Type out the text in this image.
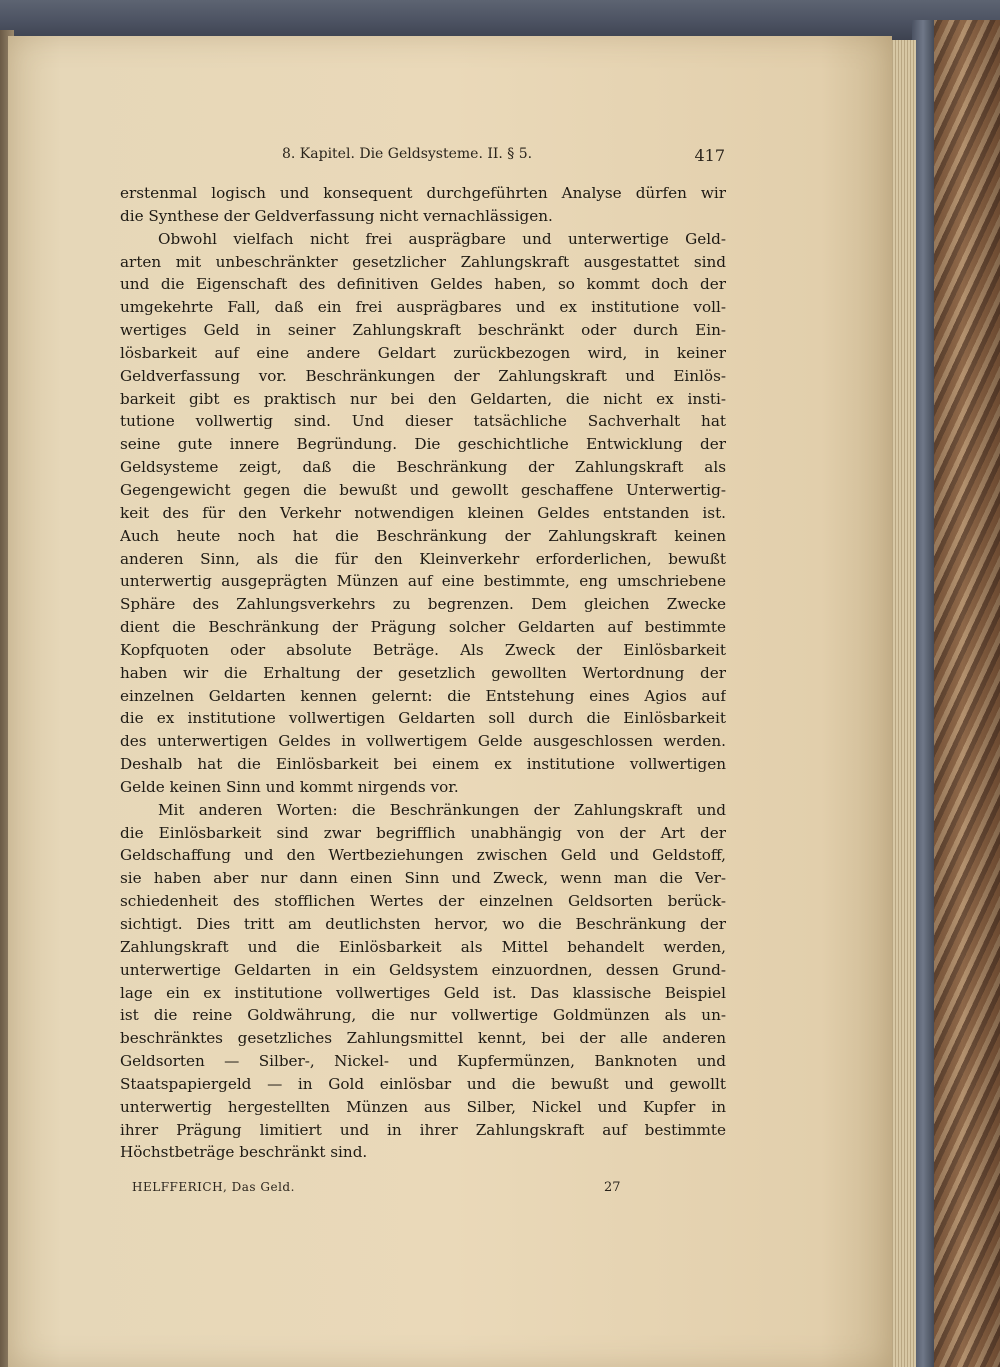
8. Kapitel. Die Geldsysteme. II. § 5.	417
erstenmal logisch und konsequent durchgeführten Analyse dürfen wir
die Synthese der Geldverfassung nicht vernachlässigen.
Obwohl vielfach nicht frei ausprägbare und unterwertige Geld-
arten mit unbeschränkter gesetzlicher Zahlungskraft ausgestattet sind
und die Eigenschaft des definitiven Geldes haben, so kommt doch der
umgekehrte Fall, daß ein frei ausprägbares und ex institutione voll-
wertiges Geld in seiner Zahlungskraft beschränkt oder durch Ein-
lösbarkeit auf eine andere Geldart zurückbezogen wird, in keiner
Geldverfassung vor. Beschränkungen der Zahlungskraft und Einlös-
barkeit gibt es praktisch nur bei den Geldarten, die nicht ex insti-
tutione vollwertig sind. Und dieser tatsächliche Sachverhalt hat
seine gute innere Begründung. Die geschichtliche Entwicklung der
Geldsysteme zeigt, daß die Beschränkung der Zahlungskraft als
Gegengewicht gegen die bewußt und gewollt geschaffene Unterwertig-
keit des für den Verkehr notwendigen kleinen Geldes entstanden ist.
Auch heute noch hat die Beschränkung der Zahlungskraft keinen
anderen Sinn, als die für den Kleinverkehr erforderlichen, bewußt
unterwertig ausgeprägten Münzen auf eine bestimmte, eng umschriebene
Sphäre des Zahlungsverkehrs zu begrenzen. Dem gleichen Zwecke
dient die Beschränkung der Prägung solcher Geldarten auf bestimmte
Kopfquoten oder absolute Beträge. Als Zweck der Einlösbarkeit
haben wir die Erhaltung der gesetzlich gewollten Wertordnung der
einzelnen Geldarten kennen gelernt: die Entstehung eines Agios auf
die ex institutione vollwertigen Geldarten soll durch die Einlösbarkeit
des unterwertigen Geldes in vollwertigem Gelde ausgeschlossen werden.
Deshalb hat die Einlösbarkeit bei einem ex institutione vollwertigen
Gelde keinen Sinn und kommt nirgends vor.
Mit anderen Worten: die Beschränkungen der Zahlungskraft und
die Einlösbarkeit sind zwar begrifflich unabhängig von der Art der
Geldschaffung und den Wertbeziehungen zwischen Geld und Geldstoff,
sie haben aber nur dann einen Sinn und Zweck, wenn man die Ver-
schiedenheit des stofflichen Wertes der einzelnen Geldsorten berück-
sichtigt. Dies tritt am deutlichsten hervor, wo die Beschränkung der
Zahlungskraft und die Einlösbarkeit als Mittel behandelt werden,
unterwertige Geldarten in ein Geldsystem einzuordnen, dessen Grund-
lage ein ex institutione vollwertiges Geld ist. Das klassische Beispiel
ist die reine Goldwährung, die nur vollwertige Goldmünzen als un-
beschränktes gesetzliches Zahlungsmittel kennt, bei der alle anderen
Geldsorten — Silber-, Nickel- und Kupfermünzen, Banknoten und
Staatspapiergeld — in Gold einlösbar und die bewußt und gewollt
unterwertig hergestellten Münzen aus Silber, Nickel und Kupfer in
ihrer Prägung limitiert und in ihrer Zahlungskraft auf bestimmte
Höchstbeträge beschränkt sind.
HELFFERICH, Das Geld.	27
